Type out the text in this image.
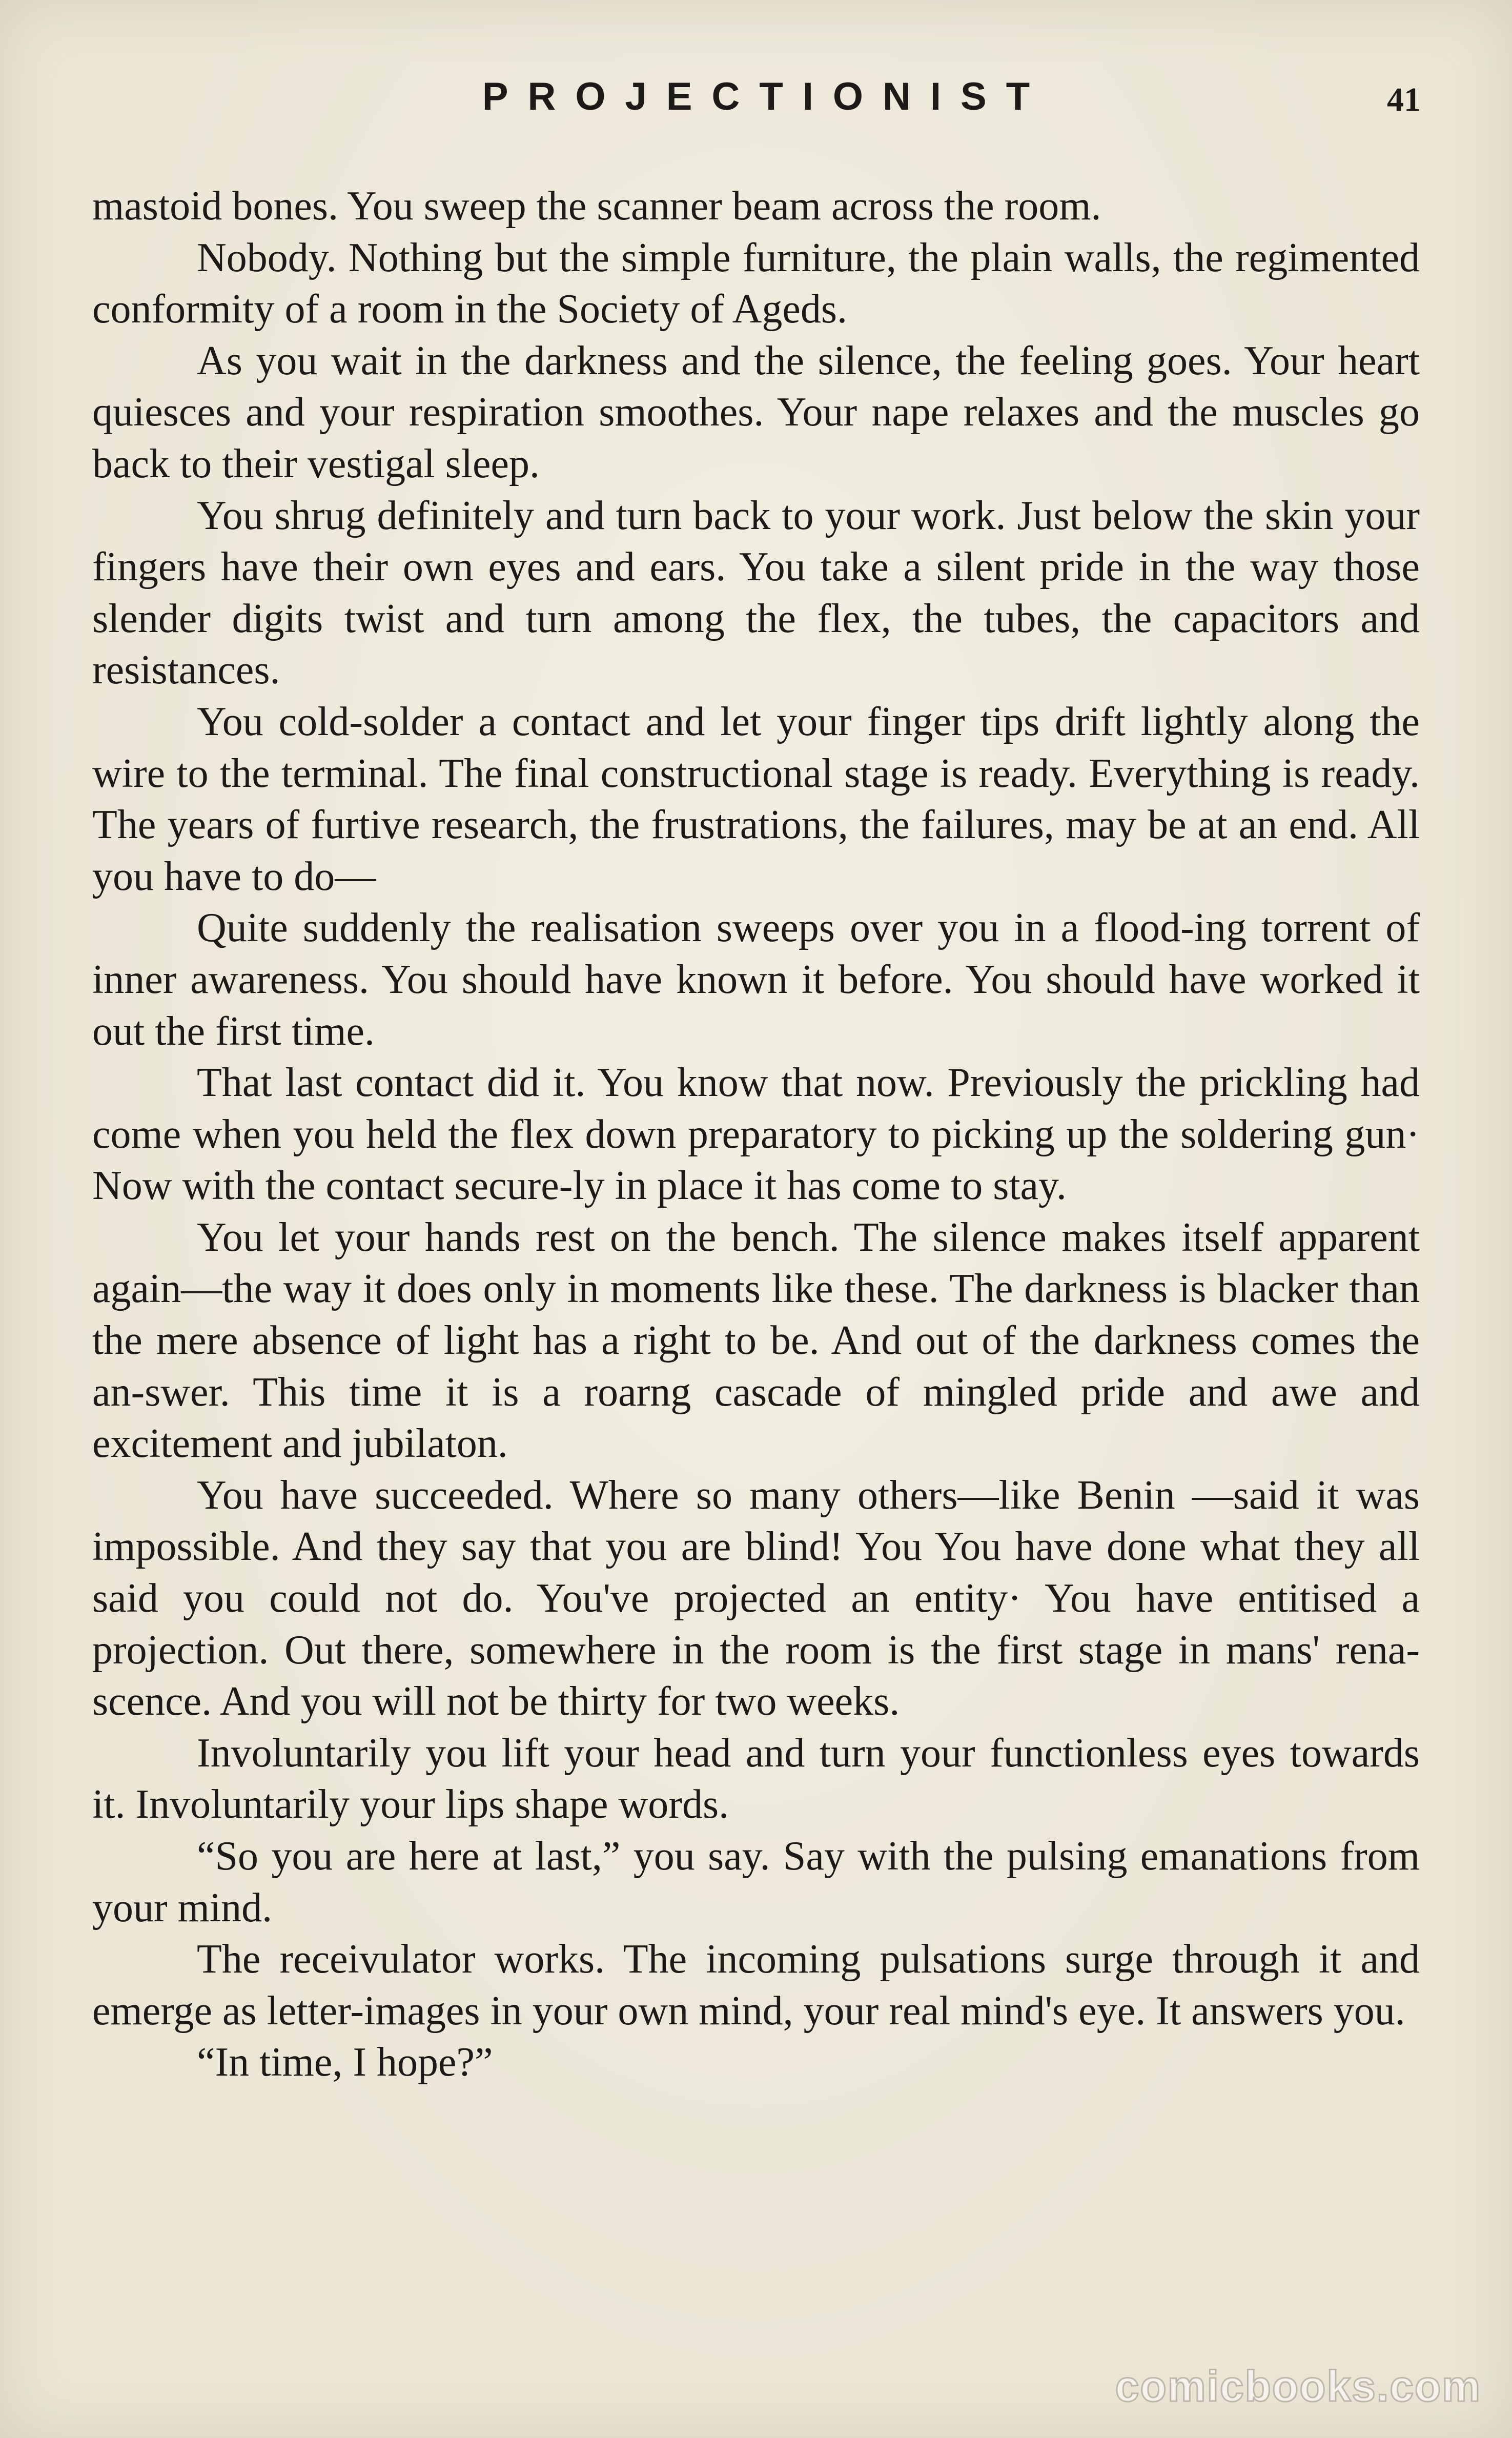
PROJECTIONIST	41

mastoid bones. You sweep the scanner beam across the room.

Nobody. Nothing but the simple furniture, the plain walls, the regimented conformity of a room in the Society of Ageds.

As you wait in the darkness and the silence, the feeling goes. Your heart quiesces and your respiration smoothes. Your nape relaxes and the muscles go back to their vestigal sleep.

You shrug definitely and turn back to your work. Just below the skin your fingers have their own eyes and ears. You take a silent pride in the way those slender digits twist and turn among the flex, the tubes, the capacitors and resistances.

You cold-solder a contact and let your finger tips drift lightly along the wire to the terminal. The final constructional stage is ready. Everything is ready. The years of furtive research, the frustrations, the failures, may be at an end. All you have to do—

Quite suddenly the realisation sweeps over you in a flood-ing torrent of inner awareness. You should have known it before. You should have worked it out the first time.

That last contact did it. You know that now. Previously the prickling had come when you held the flex down preparatory to picking up the soldering gun· Now with the contact secure-ly in place it has come to stay.

You let your hands rest on the bench. The silence makes itself apparent again—the way it does only in moments like these. The darkness is blacker than the mere absence of light has a right to be. And out of the darkness comes the an-swer. This time it is a roarng cascade of mingled pride and awe and excitement and jubilaton.

You have succeeded. Where so many others—like Benin —said it was impossible. And they say that you are blind! You You have done what they all said you could not do. You've projected an entity· You have entitised a projection. Out there, somewhere in the room is the first stage in mans' rena-scence. And you will not be thirty for two weeks.

Involuntarily you lift your head and turn your functionless eyes towards it. Involuntarily your lips shape words.

“So you are here at last,” you say. Say with the pulsing emanations from your mind.

The receivulator works. The incoming pulsations surge through it and emerge as letter-images in your own mind, your real mind's eye. It answers you.

“In time, I hope?”

comicbooks.com
